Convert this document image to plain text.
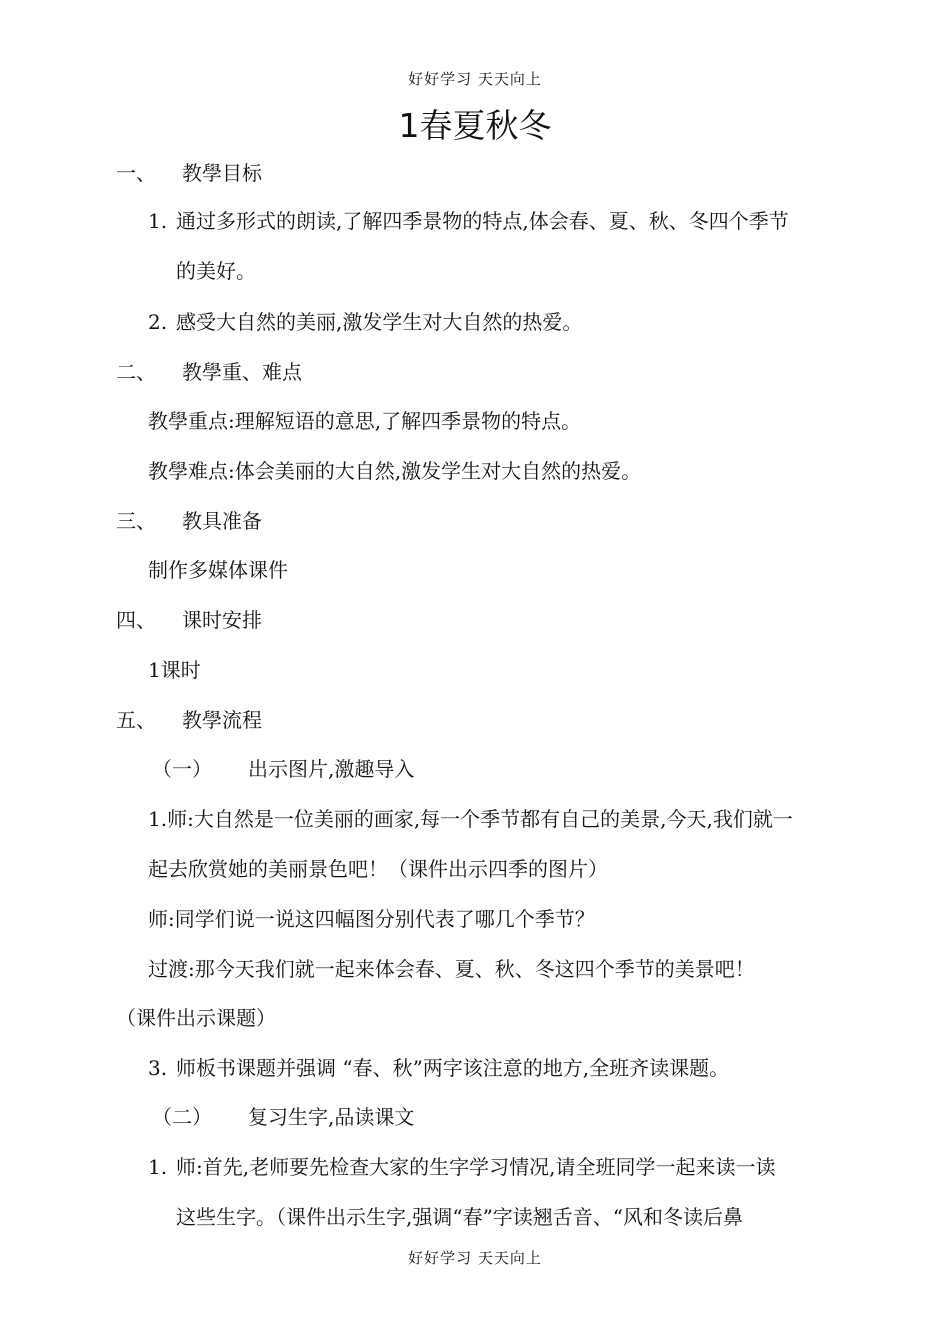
好好学习 天天向上
1春夏秋冬
一、 教學目标
1. 通过多形式的朗读,了解四季景物的特点,体会春、夏、秋、冬四个季节
的美好。
2. 感受大自然的美丽,激发学生对大自然的热爱。
二、 教學重、难点
教學重点:理解短语的意思,了解四季景物的特点。
教學难点:体会美丽的大自然,激发学生对大自然的热爱。
三、 教具准备
制作多媒体课件
四、 课时安排
1课时
五、 教學流程
（一） 出示图片,激趣导入
1.师:大自然是一位美丽的画家,每一个季节都有自己的美景,今天,我们就一
起去欣赏她的美丽景色吧！（课件出示四季的图片）
师:同学们说一说这四幅图分别代表了哪几个季节？
过渡:那今天我们就一起来体会春、夏、秋、冬这四个季节的美景吧！
（课件出示课题）
3. 师板书课题并强调 “春、秋”两字该注意的地方,全班齐读课题。
（二） 复习生字,品读课文
1. 师:首先,老师要先检查大家的生字学习情况,请全班同学一起来读一读
这些生字。（课件出示生字,强调“春”字读翘舌音、“风和冬读后鼻
好好学习 天天向上
